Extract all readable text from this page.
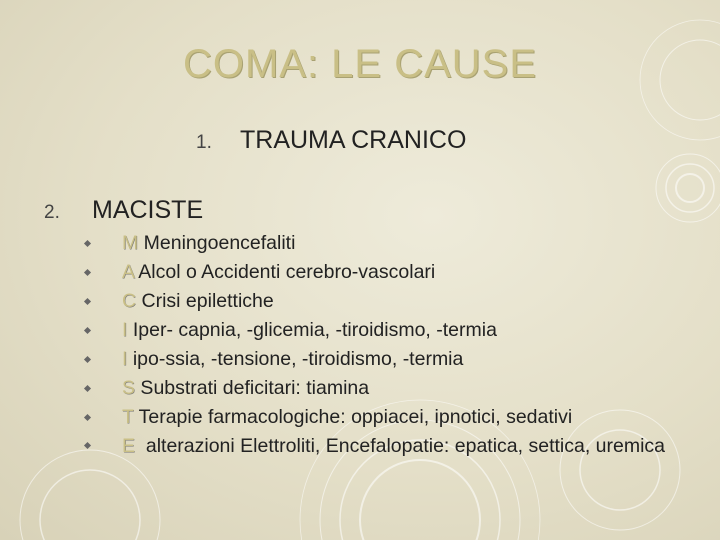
COMA: LE CAUSE
1. TRAUMA CRANICO
2. MACISTE
M Meningoencefaliti
A Alcol o Accidenti cerebro-vascolari
C Crisi epilettiche
I Iper- capnia, -glicemia, -tiroidismo, -termia
I ipo-ssia, -tensione, -tiroidismo, -termia
S Substrati deficitari: tiamina
T Terapie farmacologiche: oppiacei, ipnotici, sedativi
E  alterazioni Elettroliti, Encefalopatie: epatica, settica, uremica
